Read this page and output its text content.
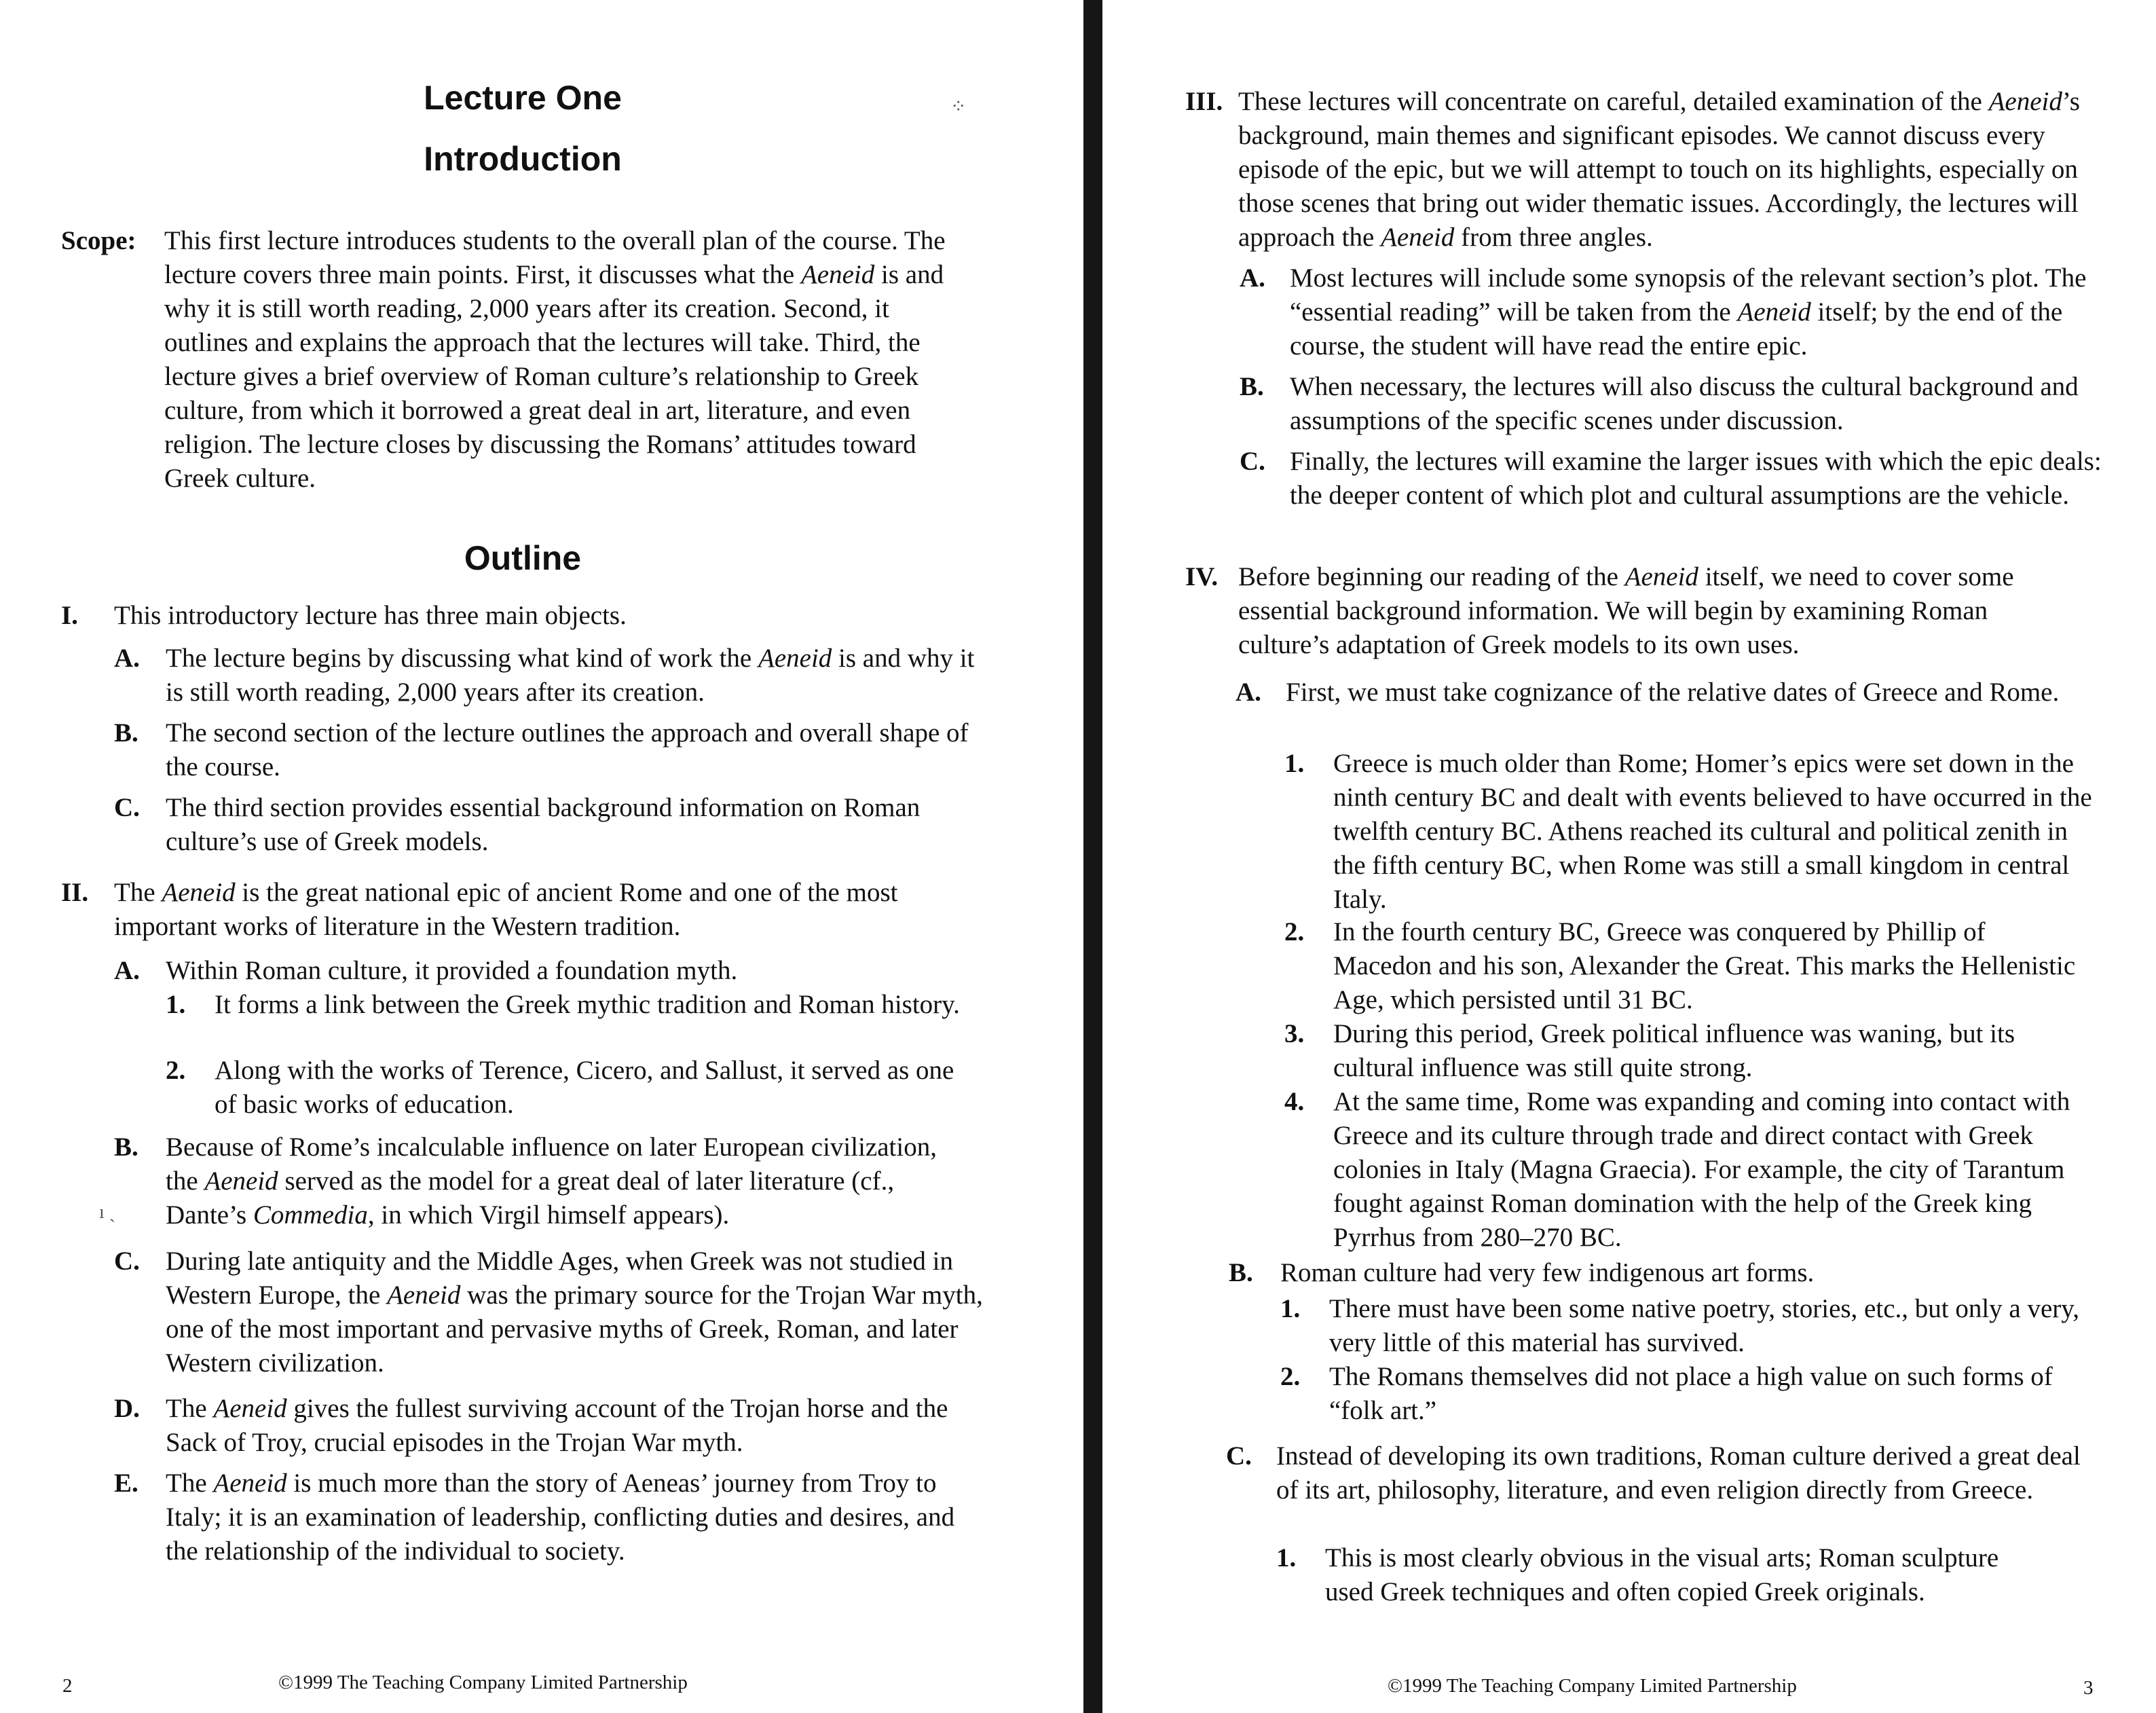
Lecture One
Introduction
⁘
Scope: This first lecture introduces students to the overall plan of the course. The lecture covers three main points. First, it discusses what the Aeneid is and why it is still worth reading, 2,000 years after its creation. Second, it outlines and explains the approach that the lectures will take. Third, the lecture gives a brief overview of Roman culture’s relationship to Greek culture, from which it borrowed a great deal in art, literature, and even religion. The lecture closes by discussing the Romans’ attitudes toward Greek culture.

Outline
I. This introductory lecture has three main objects.

A. The lecture begins by discussing what kind of work the Aeneid is and why it is still worth reading, 2,000 years after its creation.

B. The second section of the lecture outlines the approach and overall shape of the course.

C. The third section provides essential background information on Roman culture’s use of Greek models.

II. The Aeneid is the great national epic of ancient Rome and one of the most important works of literature in the Western tradition.

A. Within Roman culture, it provided a foundation myth.

1. It forms a link between the Greek mythic tradition and Roman history.

2. Along with the works of Terence, Cicero, and Sallust, it served as one of basic works of education.

B. Because of Rome’s incalculable influence on later European civilization, the Aeneid served as the model for a great deal of later literature (cf., Dante’s Commedia, in which Virgil himself appears).

ı ˎ
C. During late antiquity and the Middle Ages, when Greek was not studied in Western Europe, the Aeneid was the primary source for the Trojan War myth, one of the most important and pervasive myths of Greek, Roman, and later Western civilization.

D. The Aeneid gives the fullest surviving account of the Trojan horse and the Sack of Troy, crucial episodes in the Trojan War myth.

E. The Aeneid is much more than the story of Aeneas’ journey from Troy to Italy; it is an examination of leadership, conflicting duties and desires, and the relationship of the individual to society.

2	©1999 The Teaching Company Limited Partnership
III. These lectures will concentrate on careful, detailed examination of the Aeneid’s background, main themes and significant episodes. We cannot discuss every episode of the epic, but we will attempt to touch on its highlights, especially on those scenes that bring out wider thematic issues. Accordingly, the lectures will approach the Aeneid from three angles.

A. Most lectures will include some synopsis of the relevant section’s plot. The “essential reading” will be taken from the Aeneid itself; by the end of the course, the student will have read the entire epic.

B. When necessary, the lectures will also discuss the cultural background and assumptions of the specific scenes under discussion.

C. Finally, the lectures will examine the larger issues with which the epic deals: the deeper content of which plot and cultural assumptions are the vehicle.

IV. Before beginning our reading of the Aeneid itself, we need to cover some essential background information. We will begin by examining Roman culture’s adaptation of Greek models to its own uses.

A. First, we must take cognizance of the relative dates of Greece and Rome.

1. Greece is much older than Rome; Homer’s epics were set down in the ninth century BC and dealt with events believed to have occurred in the twelfth century BC. Athens reached its cultural and political zenith in the fifth century BC, when Rome was still a small kingdom in central Italy.

2. In the fourth century BC, Greece was conquered by Phillip of Macedon and his son, Alexander the Great. This marks the Hellenistic Age, which persisted until 31 BC.

3. During this period, Greek political influence was waning, but its cultural influence was still quite strong.

4. At the same time, Rome was expanding and coming into contact with Greece and its culture through trade and direct contact with Greek colonies in Italy (Magna Graecia). For example, the city of Tarantum fought against Roman domination with the help of the Greek king Pyrrhus from 280–270 BC.

B. Roman culture had very few indigenous art forms.

1. There must have been some native poetry, stories, etc., but only a very, very little of this material has survived.

2. The Romans themselves did not place a high value on such forms of “folk art.”

C. Instead of developing its own traditions, Roman culture derived a great deal of its art, philosophy, literature, and even religion directly from Greece.

1. This is most clearly obvious in the visual arts; Roman sculpture used Greek techniques and often copied Greek originals.

©1999 The Teaching Company Limited Partnership	3
